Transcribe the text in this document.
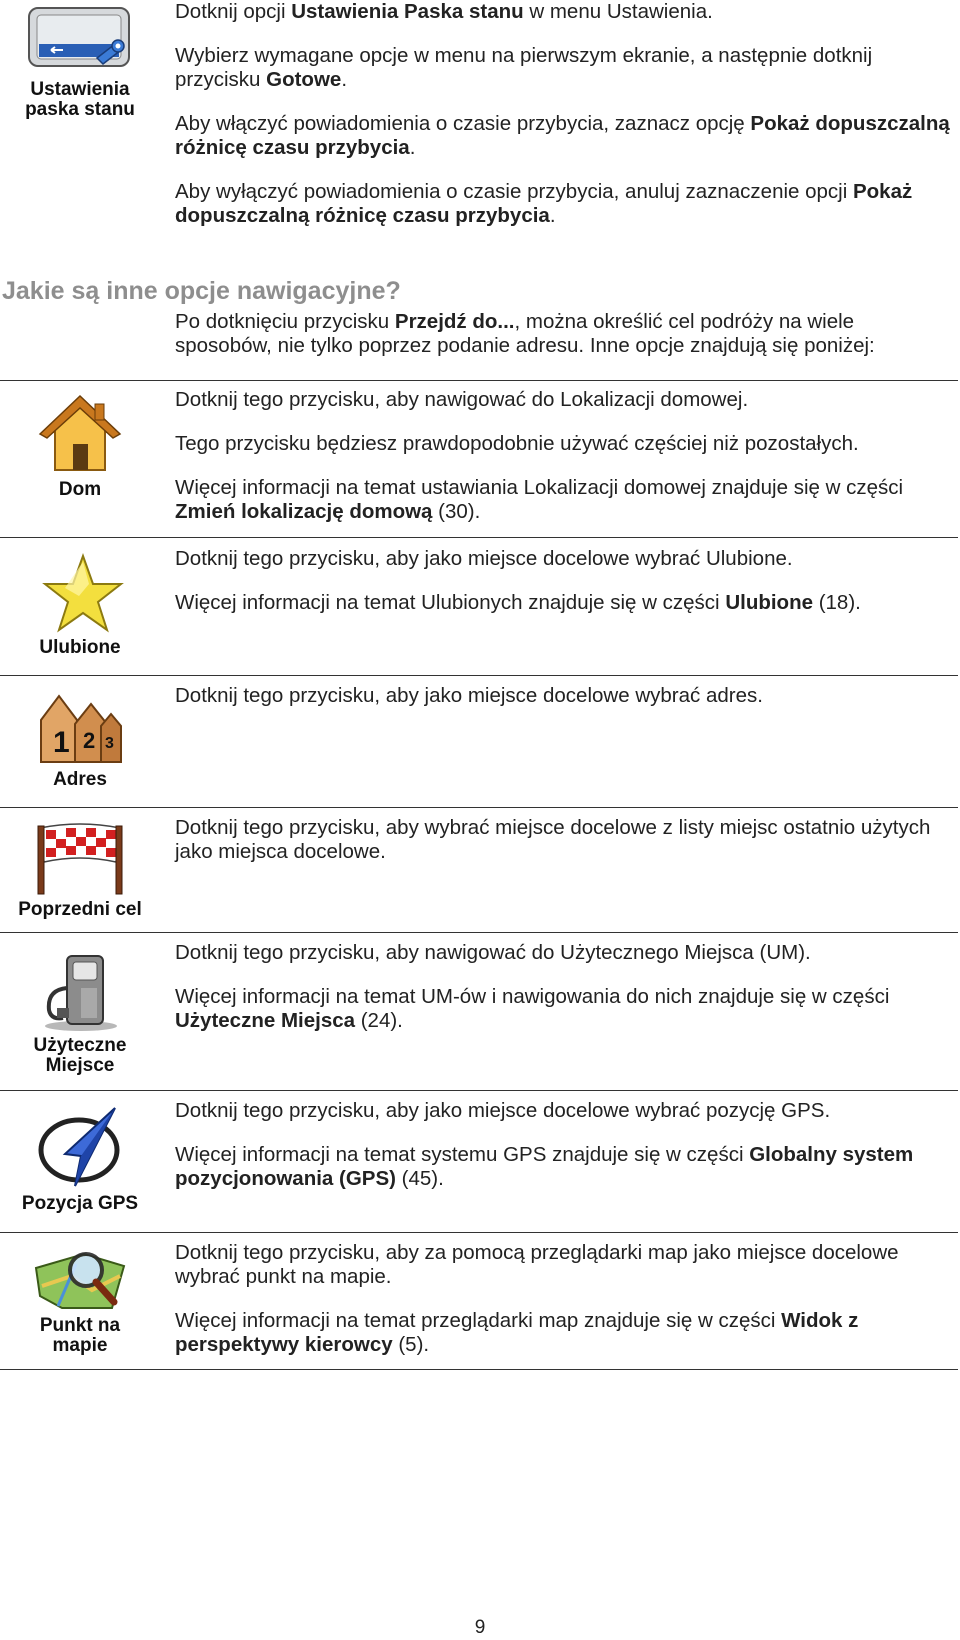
Ustawienia paska stanu

Dotknij opcji Ustawienia Paska stanu w menu Ustawienia.

Wybierz wymagane opcje w menu na pierwszym ekranie, a następnie dotknij przycisku Gotowe.

Aby włączyć powiadomienia o czasie przybycia, zaznacz opcję Pokaż dopuszczalną różnicę czasu przybycia.

Aby wyłączyć powiadomienia o czasie przybycia, anuluj zaznaczenie opcji Pokaż dopuszczalną różnicę czasu przybycia.

Jakie są inne opcje nawigacyjne?

Po dotknięciu przycisku Przejdź do..., można określić cel podróży na wiele sposobów, nie tylko poprzez podanie adresu. Inne opcje znajdują się poniżej:

Dom

Dotknij tego przycisku, aby nawigować do Lokalizacji domowej.

Tego przycisku będziesz prawdopodobnie używać częściej niż pozostałych.

Więcej informacji na temat ustawiania Lokalizacji domowej znajduje się w części Zmień lokalizację domową (30).

Ulubione

Dotknij tego przycisku, aby jako miejsce docelowe wybrać Ulubione.

Więcej informacji na temat Ulubionych znajduje się w części Ulubione (18).

1 2 3
Adres

Dotknij tego przycisku, aby jako miejsce docelowe wybrać adres.

Poprzedni cel

Dotknij tego przycisku, aby wybrać miejsce docelowe z listy miejsc ostatnio użytych jako miejsca docelowe.

Użyteczne Miejsce

Dotknij tego przycisku, aby nawigować do Użytecznego Miejsca (UM).

Więcej informacji na temat UM-ów i nawigowania do nich znajduje się w części Użyteczne Miejsca (24).

Pozycja GPS

Dotknij tego przycisku, aby jako miejsce docelowe wybrać pozycję GPS.

Więcej informacji na temat systemu GPS znajduje się w części Globalny system pozycjonowania (GPS) (45).

Punkt na mapie

Dotknij tego przycisku, aby za pomocą przeglądarki map jako miejsce docelowe wybrać punkt na mapie.

Więcej informacji na temat przeglądarki map znajduje się w części Widok z perspektywy kierowcy (5).

9
